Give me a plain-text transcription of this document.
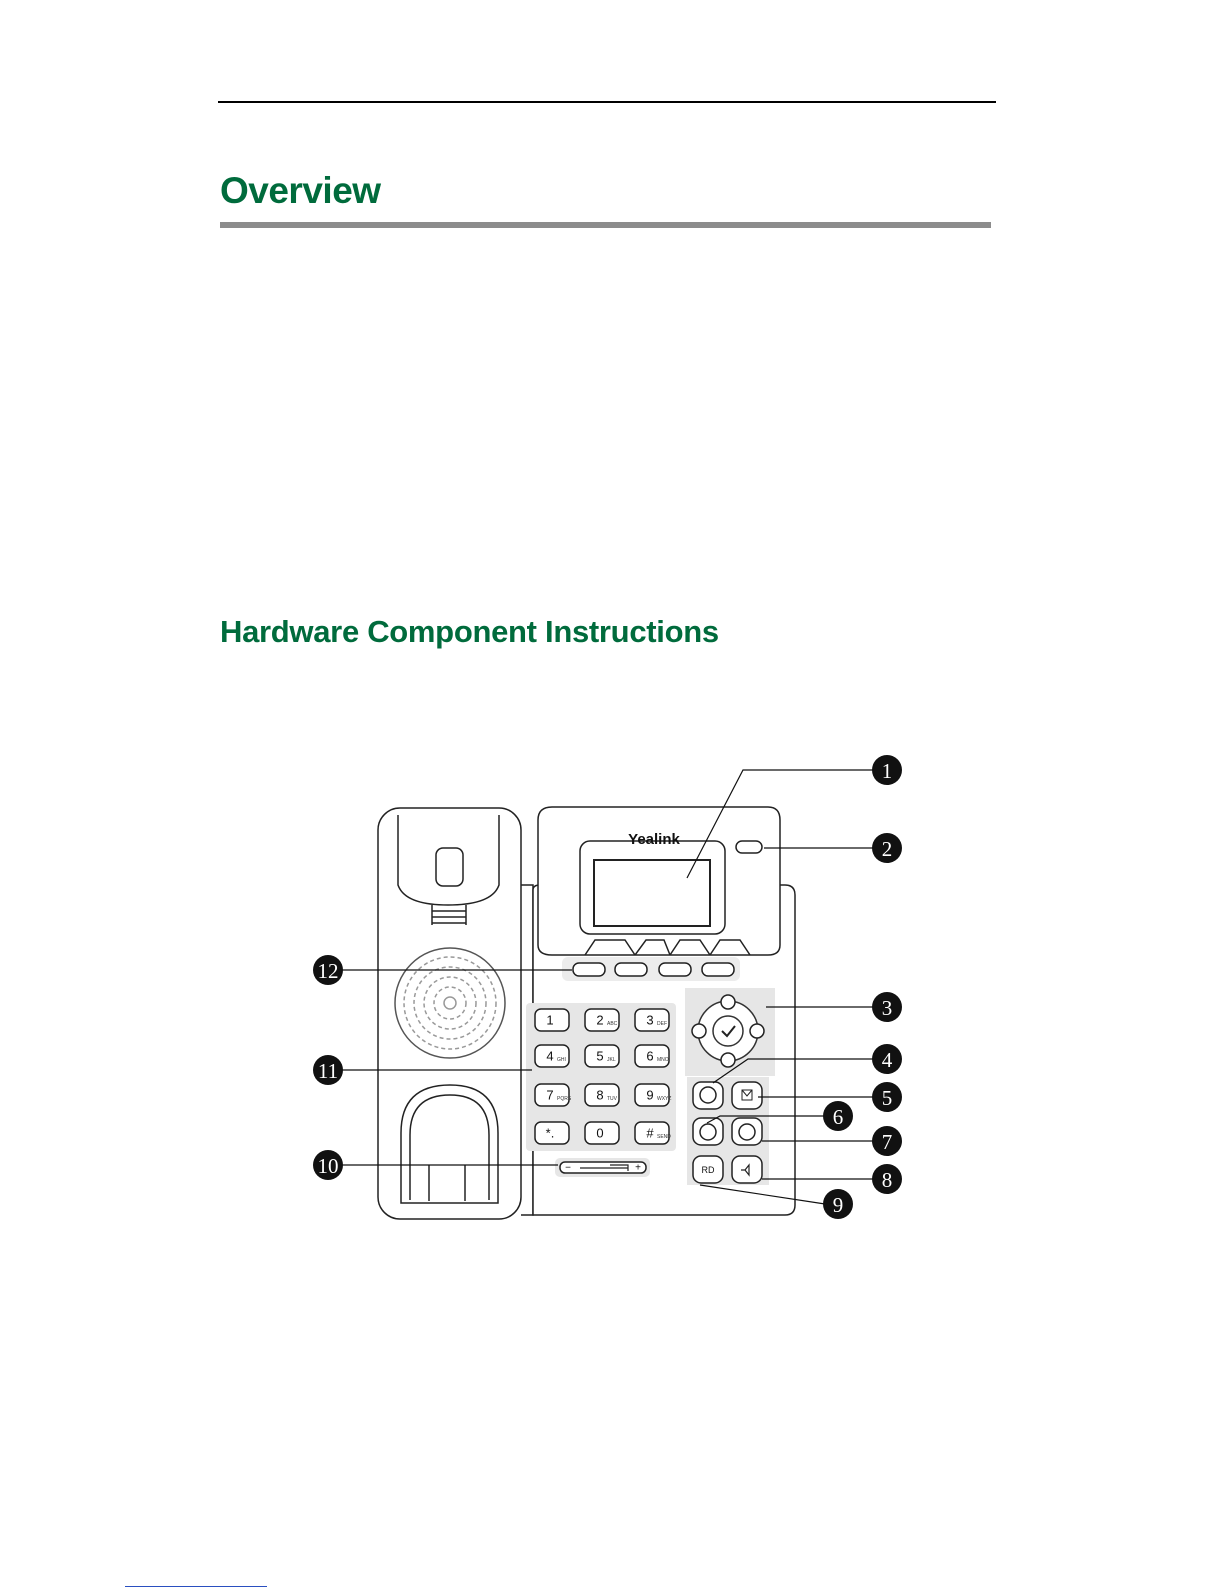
Overview
Hardware Component Instructions
Yealink
1	2 ABC 3 DEF
4 GHI 5 JKL 6 MNO
7 PQRS 8 TUV 9 WXYZ
*.	0	# SEND
RD
−	+
1
2
3
4
5
6
7
8
9
10
11
12
